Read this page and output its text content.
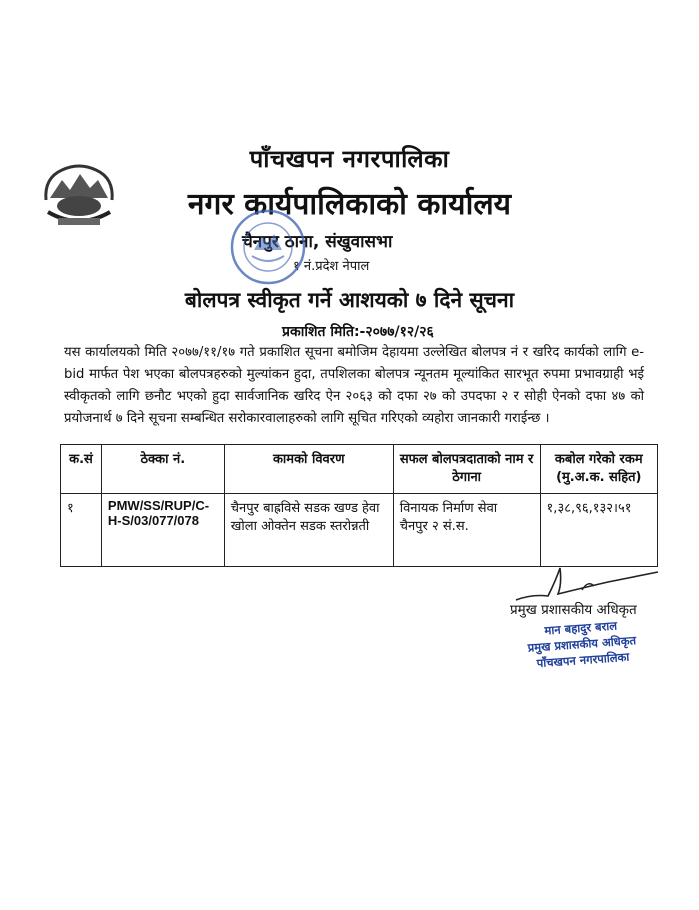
पाँचखपन नगरपालिका
नगर कार्यपालिकाको कार्यालय
चैनपुर ठाना, संखुवासभा
१ नं.प्रदेश नेपाल
बोलपत्र स्वीकृत गर्ने आशयको ७ दिने सूचना
प्रकाशित मिति:-२०७७/१२/२६
यस कार्यालयको मिति २०७७/११/१७ गते प्रकाशित सूचना बमोजिम देहायमा उल्लेखित बोलपत्र नं र खरिद कार्यको लागि e-bid मार्फत पेश भएका बोलपत्रहरुको मुल्यांकन हुदा, तपशिलका बोलपत्र न्यूनतम मूल्यांकित सारभूत रुपमा प्रभावग्राही भई स्वीकृतको लागि छनौट भएको हुदा सार्वजानिक खरिद ऐन २०६३ को दफा २७ को उपदफा २ र सोही ऐनको दफा ४७ को प्रयोजनार्थ ७ दिने सूचना सम्बन्धित सरोकारवालाहरुको लागि सूचित गरिएको व्यहोरा जानकारी गराईन्छ ।
क.सं	ठेक्का नं.	कामको विवरण	सफल बोलपत्रदाताको नाम र ठेगाना	कबोल गरेको रकम
(मु.अ.क. सहित)

१	PMW/SS/RUP/C-H-S/03/077/078	चैनपुर बाह्रविसे सडक खण्ड हेवा खोला ओक्तेन सडक स्तरोन्नती	विनायक निर्माण सेवा
चैनपुर २ सं.स.	१,३८,९६,१३२।५१
प्रमुख प्रशासकीय अधिकृत
मान बहादुर बराल
प्रमुख प्रशासकीय अधिकृत
पाँचखपन नगरपालिका
